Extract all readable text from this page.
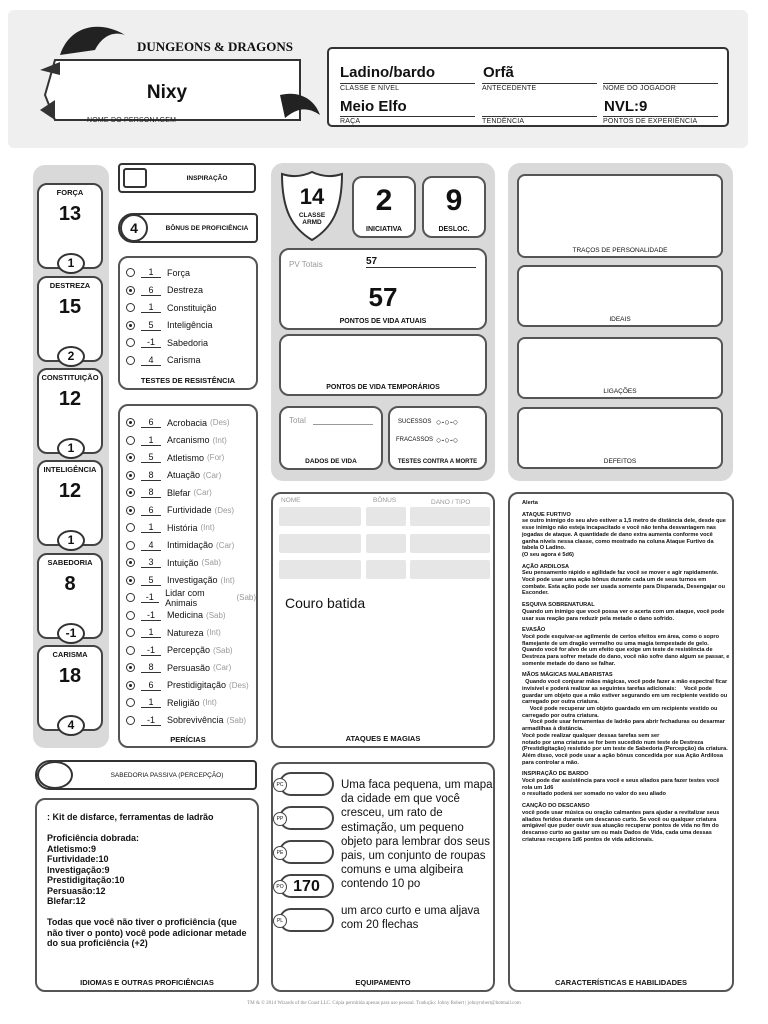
DUNGEONS & DRAGONS
Nixy
NOME DO PERSONAGEM
Ladino/bardo
CLASSE E NÍVEL
Orfã
ANTECEDENTE	NOME DO JOGADOR
Meio Elfo
RAÇA	TENDÊNCIA
NVL:9
PONTOS DE EXPERIÊNCIA
FORÇA
13
1
DESTREZA
15
2
CONSTITUIÇÃO
12
1
INTELIGÊNCIA
12
1
SABEDORIA
8
-1
CARISMA
18
4
INSPIRAÇÃO
4	BÔNUS DE PROFICIÊNCIA
1	Força
6	Destreza
1	Constituição
5	Inteligência
-1	Sabedoria
4	Carisma
TESTES DE RESISTÊNCIA
6	Acrobacia (Des)
1	Arcanismo (Int)
5	Atletismo (For)
8	Atuação (Car)
8	Blefar (Car)
6	Furtividade (Des)
1	História (Int)
4	Intimidação (Car)
3	Intuição (Sab)
5	Investigação (Int)
-1	Lidar com Animais	(Sab)
-1	Medicina (Sab)
1	Natureza (Int)
-1	Percepção (Sab)
8	Persuasão (Car)
6	Prestidigitação (Des)
1	Religião (Int)
-1	Sobrevivência (Sab)
PERÍCIAS
SABEDORIA PASSIVA (PERCEPÇÃO)
: Kit de disfarce, ferramentas de ladrão

Proficiência dobrada:
Atletismo:9
Furtividade:10
Investigação:9
Prestidigitação:10
Persuasão:12
Blefar:12

Todas que você não tiver o proficiência (que não tiver o ponto) você pode adicionar metade do sua proficiência (+2)
IDIOMAS E OUTRAS PROFICIÊNCIAS
14
CLASSE ARMD
2
INICIATIVA
9
DESLOC.
PV Totais	57
57
PONTOS DE VIDA ATUAIS
PONTOS DE VIDA TEMPORÁRIOS
Total
DADOS DE VIDA
SUCESSOS ○-○-○
FRACASSOS ○-○-○
TESTES CONTRA A MORTE
NOME	BÔNUS	DANO / TIPO
Couro batida
ATAQUES E MAGIAS
PC
PP
PE
PO 170
PL
Uma faca pequena, um mapa da cidade em que você cresceu, um rato de estimação, um pequeno objeto para lembrar dos seus pais, um conjunto de roupas comuns e uma algibeira contendo 10 po
um arco curto e uma aljava com 20 flechas
EQUIPAMENTO
TRAÇOS DE PERSONALIDADE
IDEAIS
LIGAÇÕES
DEFEITOS
Alerta
ATAQUE FURTIVO
se outro inimigo do seu alvo estiver a 1,5 metro de distância dele, desde que esse inimigo não esteja incapacitado e você não tenha desvantagem nas jogadas de ataque. A quantidade de dano extra aumenta conforme você ganha níveis nessa classe, como mostrado na coluna Ataque Furtivo da tabela O Ladino.
(O seu agora é 5d6)
AÇÃO ARDILOSA
Seu pensamento rápido e agilidade faz você se mover e agir rapidamente. Você pode usar uma ação bônus durante cada um de seus turnos em combate. Esta ação pode ser usada somente para Disparada, Desengajar ou Esconder.
ESQUIVA SOBRENATURAL
Quando um inimigo que você possa ver o acerta com um ataque, você pode usar sua reação para reduzir pela metade o dano sofrido.
EVASÃO
Você pode esquivar-se agilmente de certos efeitos em área, como o sopro flamejante de um dragão vermelho ou uma magia tempestade de gelo. Quando você for alvo de um efeito que exige um teste de resistência de Destreza para sofrer metade do dano, você não sofre dano algum se passar, e somente metade do dano se falhar.
MÃOS MÁGICAS MALABARISTAS
Quando você conjurar mãos mágicas, você pode fazer a mão espectral ficar invisível e poderá realizar as seguintes tarefas adicionais:     Você pode guardar um objeto que a mão estiver segurando em um recipiente vestido ou carregado por outra criatura.
Você pode recuperar um objeto guardado em um recipiente vestido ou carregado por outra criatura.
Você pode usar ferramentas de ladrão para abrir fechaduras ou desarmar armadilhas à distância.
Você pode realizar qualquer dessas tarefas sem ser
notado por uma criatura se for bem sucedido num teste de Destreza (Prestidigitação) resistido por um teste de Sabedoria (Percepção) da criatura. Além disso, você pode usar a ação bônus concedida por sua Ação Ardilosa para controlar a mão.
INSPIRAÇÃO DE BARDO
Você pode dar assistência para você e seus aliados para fazer testes você rola um 1d6
o resultado poderá ser somado no valor do seu aliado
CANÇÃO DO DESCANSO
você pode usar música ou oração calmantes para ajudar a revitalizar seus aliados feridos durante um descanso curto. Se você ou qualquer criatura amigável que puder ouvir sua atuação recuperar pontos de vida no fim do descanso curto ao gastar um ou mais Dados de Vida, cada uma dessas criaturas recupera 1d6 pontos de vida adicionais.
CARACTERÍSTICAS E HABILIDADES
TM & © 2014 Wizards of the Coast LLC. Cópia permitida apenas para uso pessoal. Tradução: Johny Robert | johnyrobert@hotmail.com
